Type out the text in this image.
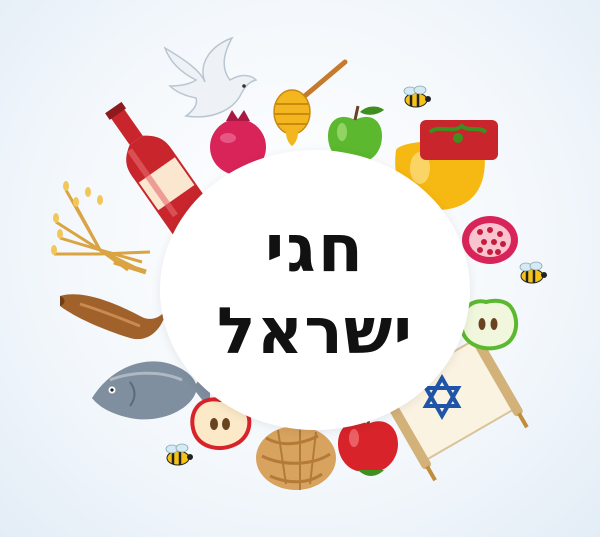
חגי
ישראל
